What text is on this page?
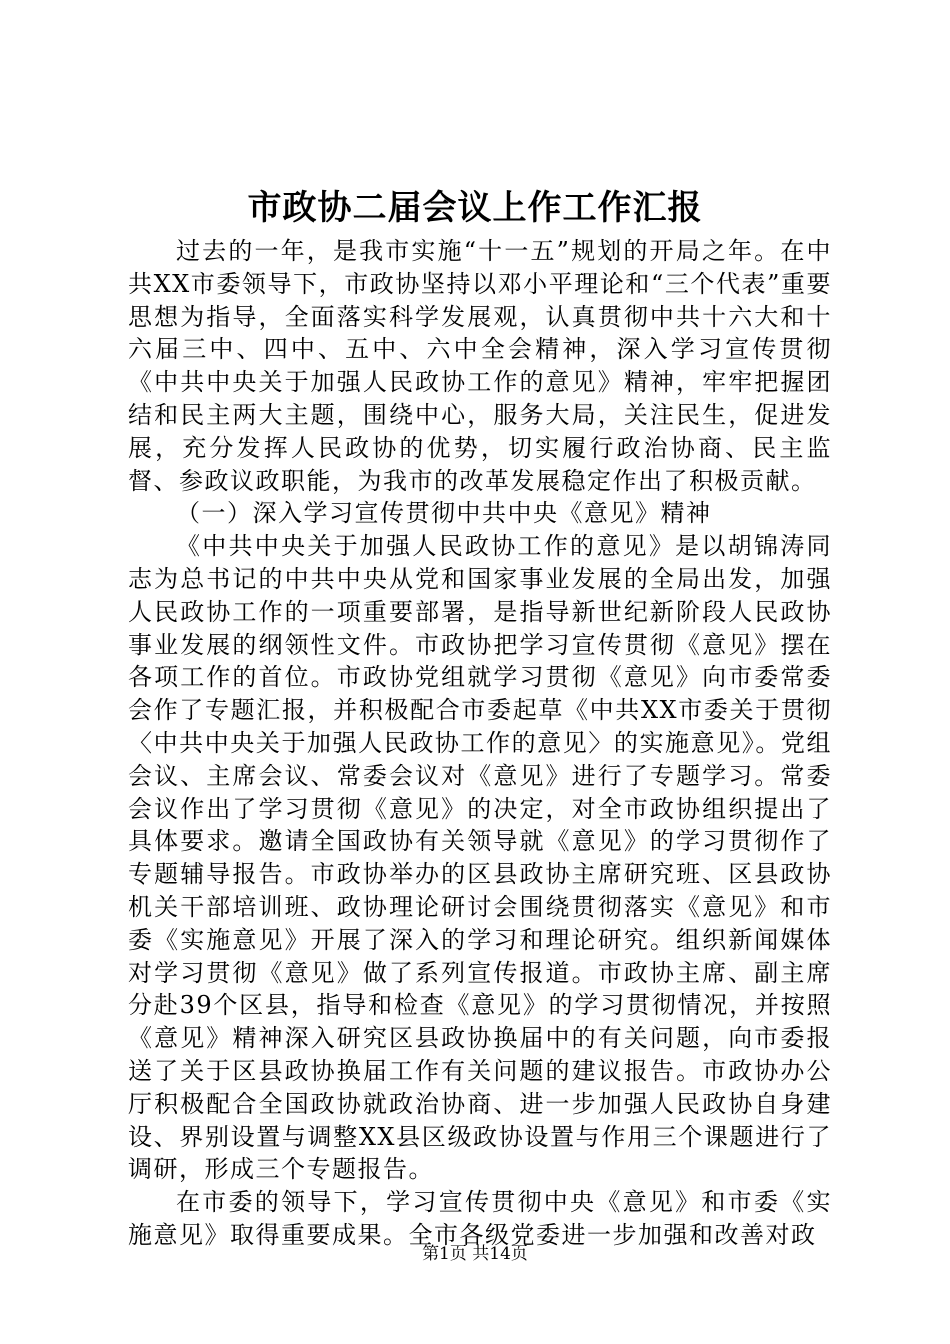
市政协二届会议上作工作汇报

过去的一年，是我市实施“十一五”规划的开局之年。在中共XX市委领导下，市政协坚持以邓小平理论和“三个代表”重要思想为指导，全面落实科学发展观，认真贯彻中共十六大和十六届三中、四中、五中、六中全会精神，深入学习宣传贯彻《中共中央关于加强人民政协工作的意见》精神，牢牢把握团结和民主两大主题，围绕中心，服务大局，关注民生，促进发展，充分发挥人民政协的优势，切实履行政治协商、民主监督、参政议政职能，为我市的改革发展稳定作出了积极贡献。

（一）深入学习宣传贯彻中共中央《意见》精神

《中共中央关于加强人民政协工作的意见》是以胡锦涛同志为总书记的中共中央从党和国家事业发展的全局出发，加强人民政协工作的一项重要部署，是指导新世纪新阶段人民政协事业发展的纲领性文件。市政协把学习宣传贯彻《意见》摆在各项工作的首位。市政协党组就学习贯彻《意见》向市委常委会作了专题汇报，并积极配合市委起草《中共XX市委关于贯彻〈中共中央关于加强人民政协工作的意见〉的实施意见》。党组会议、主席会议、常委会议对《意见》进行了专题学习。常委会议作出了学习贯彻《意见》的决定，对全市政协组织提出了具体要求。邀请全国政协有关领导就《意见》的学习贯彻作了专题辅导报告。市政协举办的区县政协主席研究班、区县政协机关干部培训班、政协理论研讨会围绕贯彻落实《意见》和市委《实施意见》开展了深入的学习和理论研究。组织新闻媒体对学习贯彻《意见》做了系列宣传报道。市政协主席、副主席分赴39个区县，指导和检查《意见》的学习贯彻情况，并按照《意见》精神深入研究区县政协换届中的有关问题，向市委报送了关于区县政协换届工作有关问题的建议报告。市政协办公厅积极配合全国政协就政治协商、进一步加强人民政协自身建设、界别设置与调整XX县区级政协设置与作用三个课题进行了调研，形成三个专题报告。

在市委的领导下，学习宣传贯彻中央《意见》和市委《实施意见》取得重要成果。全市各级党委进一步加强和改善对政

第1页 共14页
